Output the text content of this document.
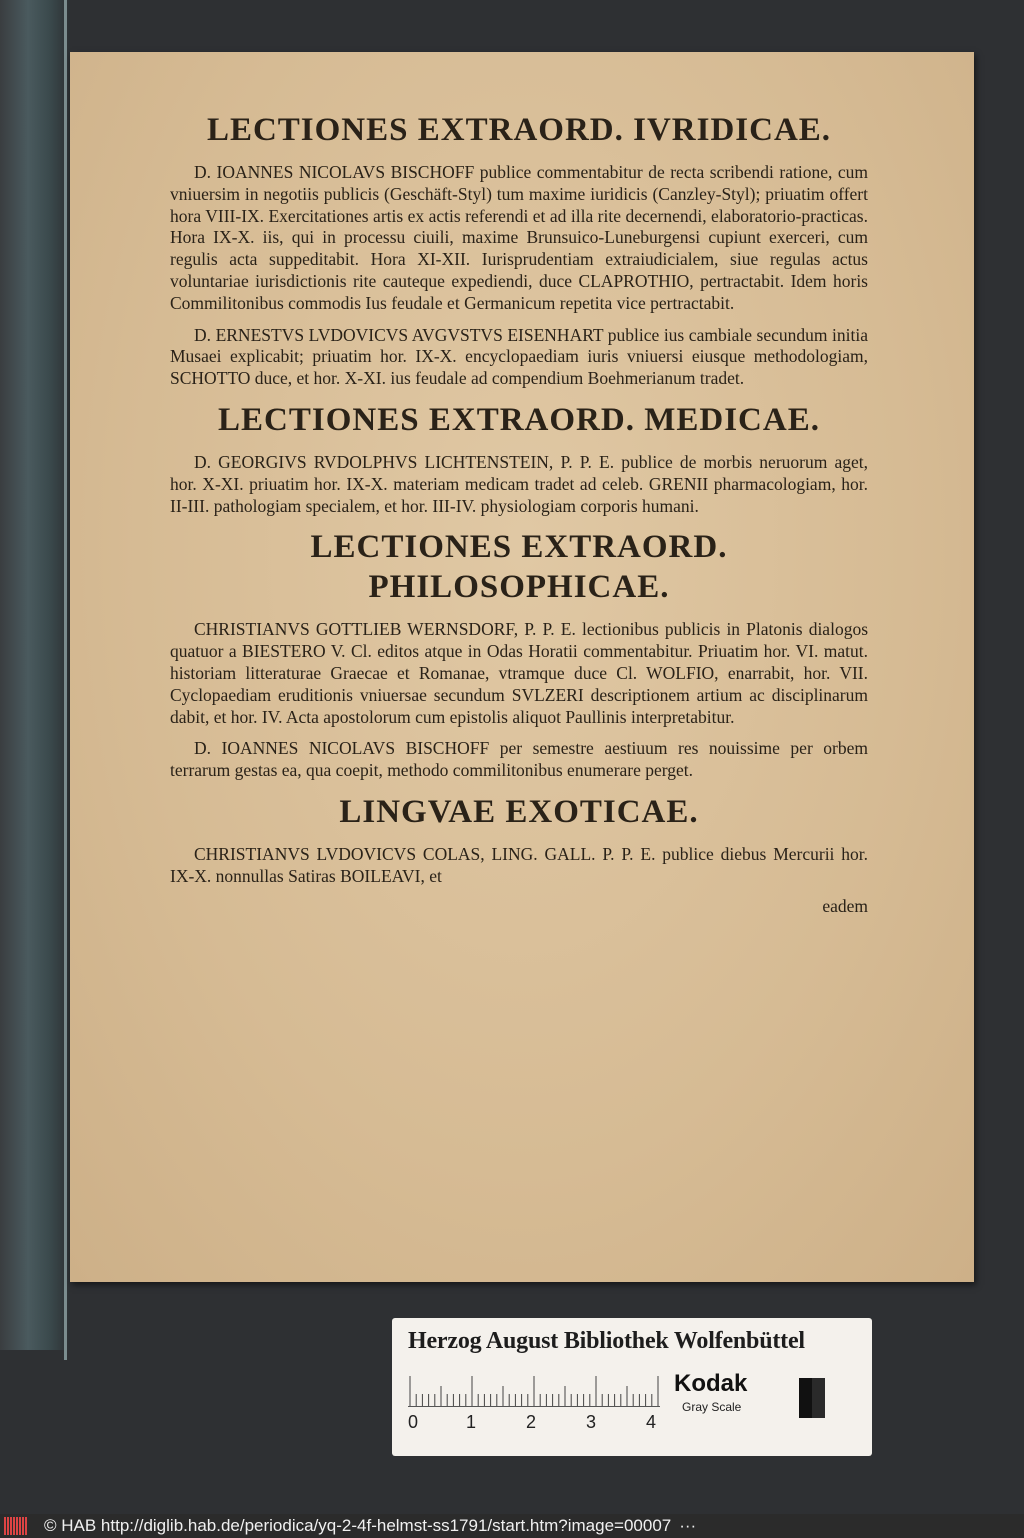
LECTIONES EXTRAORD. IVRIDICAE.

D. IOANNES NICOLAVS BISCHOFF publice commentabitur de recta scribendi ratione, cum vniuersim in negotiis publicis (Geschäft-Styl) tum maxime iuridicis (Canzley-Styl); priuatim offert hora VIII-IX. Exercitationes artis ex actis referendi et ad illa rite decernendi, elaboratorio-practicas. Hora IX-X. iis, qui in processu ciuili, maxime Brunsuico-Luneburgensi cupiunt exerceri, cum regulis acta suppeditabit. Hora XI-XII. Iurisprudentiam extraiudicialem, siue regulas actus voluntariae iurisdictionis rite cauteque expediendi, duce CLAPROTHIO, pertractabit. Idem horis Commilitonibus commodis Ius feudale et Germanicum repetita vice pertractabit.

D. ERNESTVS LVDOVICVS AVGVSTVS EISENHART publice ius cambiale secundum initia Musaei explicabit; priuatim hor. IX-X. encyclopaediam iuris vniuersi eiusque methodologiam, SCHOTTO duce, et hor. X-XI. ius feudale ad compendium Boehmerianum tradet.

LECTIONES EXTRAORD. MEDICAE.

D. GEORGIVS RVDOLPHVS LICHTENSTEIN, P. P. E. publice de morbis neruorum aget, hor. X-XI. priuatim hor. IX-X. materiam medicam tradet ad celeb. GRENII pharmacologiam, hor. II-III. pathologiam specialem, et hor. III-IV. physiologiam corporis humani.

LECTIONES EXTRAORD. PHILOSOPHICAE.

CHRISTIANVS GOTTLIEB WERNSDORF, P. P. E. lectionibus publicis in Platonis dialogos quatuor a BIESTERO V. Cl. editos atque in Odas Horatii commentabitur. Priuatim hor. VI. matut. historiam litteraturae Graecae et Romanae, vtramque duce Cl. WOLFIO, enarrabit, hor. VII. Cyclopaediam eruditionis vniuersae secundum SVLZERI descriptionem artium ac disciplinarum dabit, et hor. IV. Acta apostolorum cum epistolis aliquot Paullinis interpretabitur.

D. IOANNES NICOLAVS BISCHOFF per semestre aestiuum res nouissime per orbem terrarum gestas ea, qua coepit, methodo commilitonibus enumerare perget.

LINGVAE EXOTICAE.

CHRISTIANVS LVDOVICVS COLAS, LING. GALL. P. P. E. publice diebus Mercurii hor. IX-X. nonnullas Satiras BOILEAVI, et

eadem

Herzog August Bibliothek Wolfenbüttel
0	1	2	3	4
Kodak
Gray Scale
© HAB http://diglib.hab.de/periodica/yq-2-4f-helmst-ss1791/start.htm?image=00007 ···
